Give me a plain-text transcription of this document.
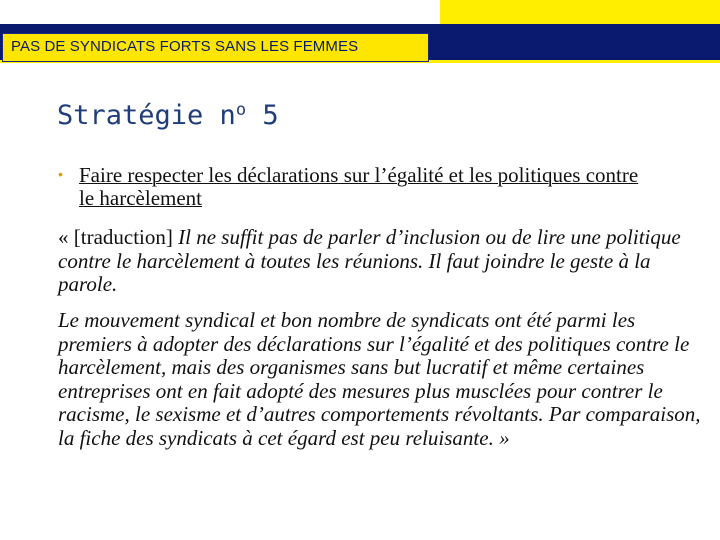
PAS DE SYNDICATS FORTS SANS LES FEMMES
Stratégie $n^o$ 5
• Faire respecter les déclarations sur l’égalité et les politiques contre le harcèlement
« [traduction] Il ne suffit pas de parler d’inclusion ou de lire une politique contre le harcèlement à toutes les réunions. Il faut joindre le geste à la parole.
Le mouvement syndical et bon nombre de syndicats ont été parmi les premiers à adopter des déclarations sur l’égalité et des politiques contre le harcèlement, mais des organismes sans but lucratif et même certaines entreprises ont en fait adopté des mesures plus musclées pour contrer le racisme, le sexisme et d’autres comportements révoltants. Par comparaison, la fiche des syndicats à cet égard est peu reluisante. »
